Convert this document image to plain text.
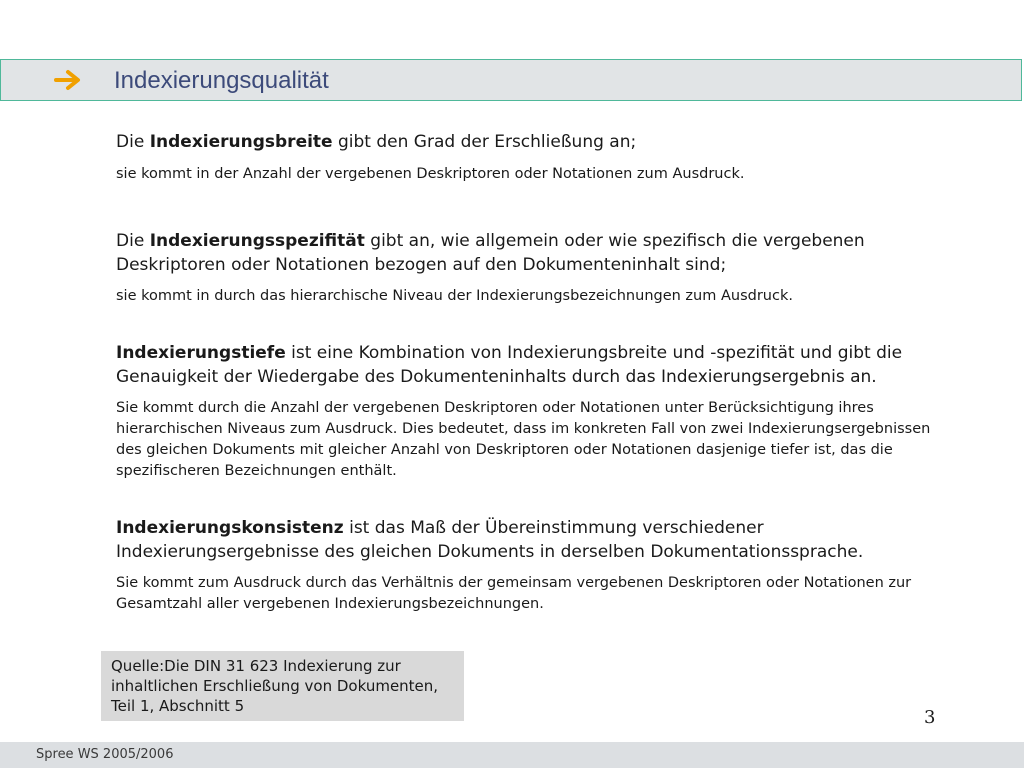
Indexierungsqualität

Die Indexierungsbreite gibt den Grad der Erschließung an;

sie kommt in der Anzahl der vergebenen Deskriptoren oder Notationen zum Ausdruck.

Die Indexierungsspezifität gibt an, wie allgemein oder wie spezifisch die vergebenen Deskriptoren oder Notationen bezogen auf den Dokumenteninhalt sind;

sie kommt in durch das hierarchische Niveau der Indexierungsbezeichnungen zum Ausdruck.

Indexierungstiefe ist eine Kombination von Indexierungsbreite und -spezifität und gibt die Genauigkeit der Wiedergabe des Dokumenteninhalts durch das Indexierungsergebnis an.

Sie kommt durch die Anzahl der vergebenen Deskriptoren oder Notationen unter Berücksichtigung ihres hierarchischen Niveaus zum Ausdruck. Dies bedeutet, dass im konkreten Fall von zwei Indexierungsergebnissen des gleichen Dokuments mit gleicher Anzahl von Deskriptoren oder Notationen dasjenige tiefer ist, das die spezifischeren Bezeichnungen enthält.

Indexierungskonsistenz ist das Maß der Übereinstimmung verschiedener Indexierungsergebnisse des gleichen Dokuments in derselben Dokumentationssprache.

Sie kommt zum Ausdruck durch das Verhältnis der gemeinsam vergebenen Deskriptoren oder Notationen zur Gesamtzahl aller vergebenen Indexierungsbezeichnungen.

Quelle:Die DIN 31 623 Indexierung zur inhaltlichen Erschließung von Dokumenten, Teil 1, Abschnitt 5
3
Spree WS 2005/2006
